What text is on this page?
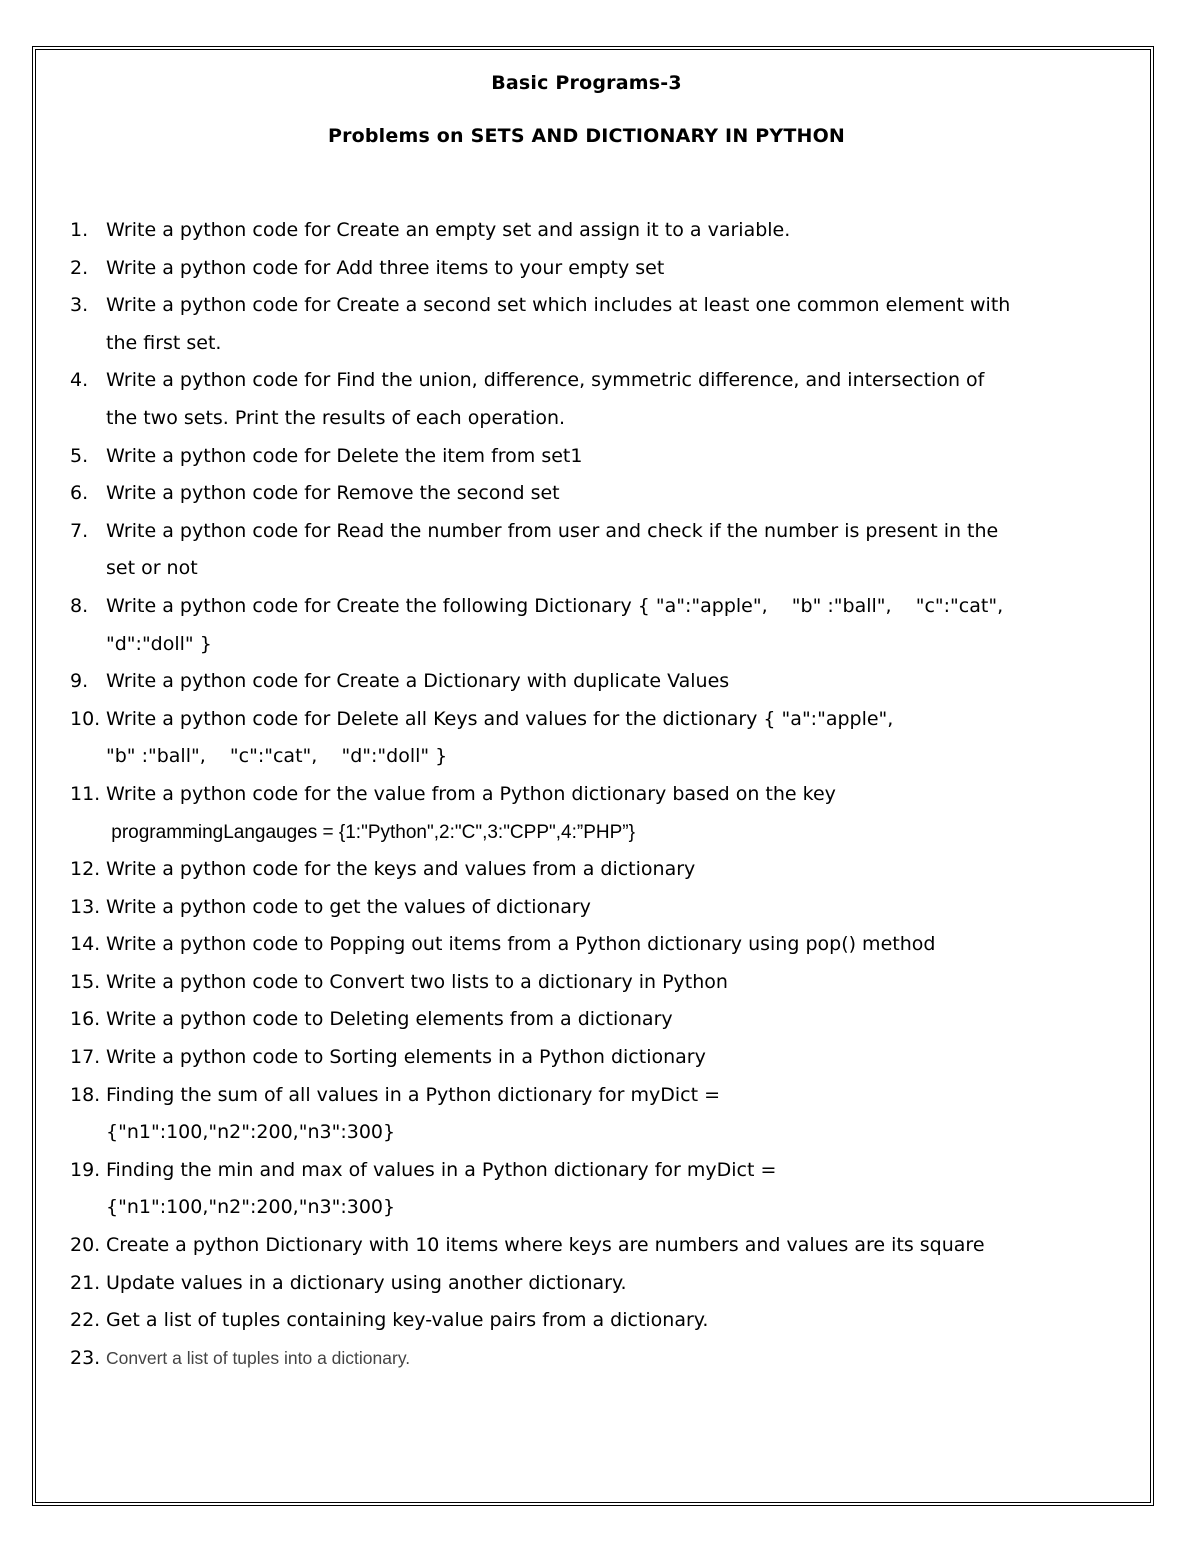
Basic Programs-3
Problems on SETS AND DICTIONARY IN PYTHON
1. Write a python code for Create an empty set and assign it to a variable.
2. Write a python code for Add three items to your empty set
3. Write a python code for Create a second set which includes at least one common element with
the first set.
4. Write a python code for Find the union, difference, symmetric difference, and intersection of
the two sets. Print the results of each operation.
5. Write a python code for Delete the item from set1
6. Write a python code for Remove the second set
7. Write a python code for Read the number from user and check if the number is present in the
set or not
8. Write a python code for Create the following Dictionary { "a":"apple",    "b" :"ball",    "c":"cat",
"d":"doll" }
9. Write a python code for Create a Dictionary with duplicate Values
10. Write a python code for Delete all Keys and values for the dictionary { "a":"apple",
"b" :"ball",    "c":"cat",    "d":"doll" }
11. Write a python code for the value from a Python dictionary based on the key
programmingLangauges = {1:"Python",2:"C",3:"CPP",4:”PHP”}
12. Write a python code for the keys and values from a dictionary
13. Write a python code to get the values of dictionary
14. Write a python code to Popping out items from a Python dictionary using pop() method
15. Write a python code to Convert two lists to a dictionary in Python
16. Write a python code to Deleting elements from a dictionary
17. Write a python code to Sorting elements in a Python dictionary
18. Finding the sum of all values in a Python dictionary for myDict =
{"n1":100,"n2":200,"n3":300}
19. Finding the min and max of values in a Python dictionary for myDict =
{"n1":100,"n2":200,"n3":300}
20. Create a python Dictionary with 10 items where keys are numbers and values are its square
21. Update values in a dictionary using another dictionary.
22. Get a list of tuples containing key-value pairs from a dictionary.
23. Convert a list of tuples into a dictionary.
